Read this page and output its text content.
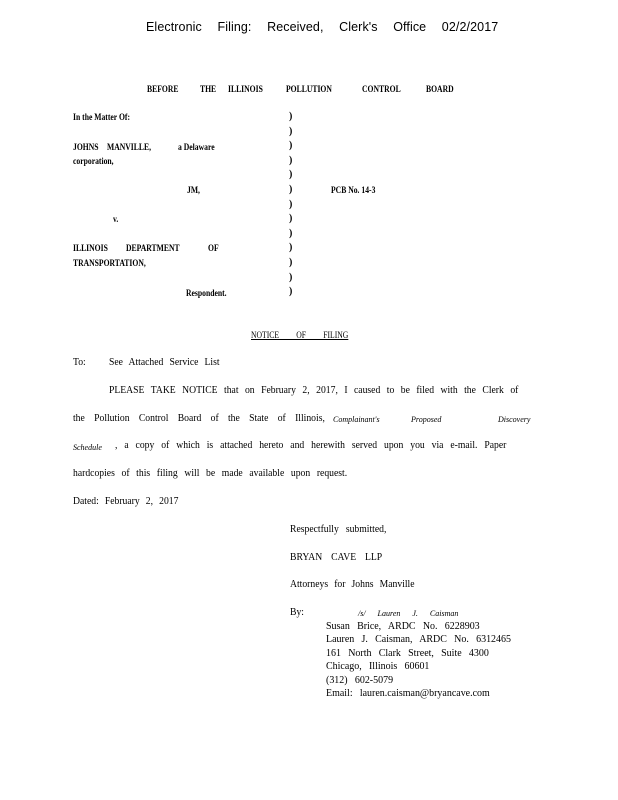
Electronic Filing: Received, Clerk's Office 02/2/2017
BEFORE THE ILLINOIS	POLLUTION	CONTROL	BOARD
In the Matter Of:
JOHNS MANVILLE,	a Delaware
corporation,
JM,
v.
ILLINOIS DEPARTMENT	OF
TRANSPORTATION,
Respondent.
PCB No. 14-3
)
)
)
)
)
)
)
)
)
)
)
)
)
NOTICE OF FILING
To: See Attached Service List
PLEASE TAKE NOTICE that on February 2, 2017, I caused to be filed with the Clerk of
the Pollution Control Board of the State of Illinois, Complainant's	Proposed	Discovery
Schedule , a copy of which is attached hereto and herewith served upon you via e-mail. Paper
hardcopies of this filing will be made available upon request.
Dated: February 2, 2017
Respectfully submitted,
BRYAN CAVE LLP
Attorneys for Johns Manville
By:	/s/ Lauren J. Caisman
Susan Brice, ARDC No. 6228903
Lauren J. Caisman, ARDC No. 6312465
161 North Clark Street, Suite 4300
Chicago, Illinois 60601
(312) 602-5079
Email: lauren.caisman@bryancave.com
